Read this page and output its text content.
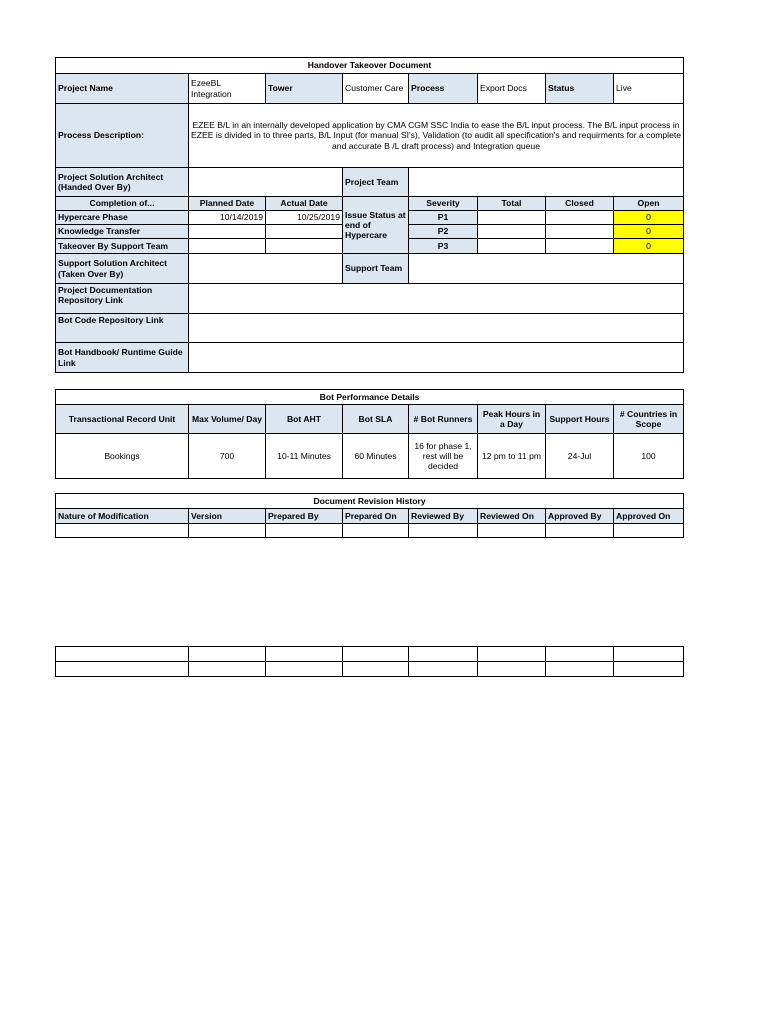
Handover Takeover Document							
Project Name	EzeeBL Integration	Tower	Customer Care	Process	Export Docs	Status	Live
Process Description:	EZEE B/L in an internally developed application by CMA CGM SSC India to ease the B/L input process. The B/L input process in EZEE is divided in to three parts, B/L Input (for manual SI's), Validation (to audit all specification's and requirments for a complete and accurate B /L draft process) and Integration queue						
Project Solution Architect (Handed Over By)			Project Team				
Completion of...	Planned Date	Actual Date	Issue Status at end of Hypercare	Severity	Total	Closed	Open
Hypercare Phase	10/14/2019	10/25/2019		P1			0
Knowledge Transfer				P2			0
Takeover By Support Team				P3			0
Support Solution Architect (Taken Over By)			Support Team				
Project Documentation Repository Link							
Bot Code Repository Link							
Bot Handbook/ Runtime Guide Link							
Bot Performance Details							
Transactional Record Unit	Max Volume/ Day	Bot AHT	Bot SLA	# Bot Runners	Peak Hours in a Day	Support Hours	# Countries in Scope
Bookings	700	10-11 Minutes	60 Minutes	16 for phase 1, rest will be decided	12 pm to 11 pm	24-Jul	100
Document Revision History							
Nature of Modification	Version	Prepared By	Prepared On	Reviewed By	Reviewed On	Approved By	Approved On
